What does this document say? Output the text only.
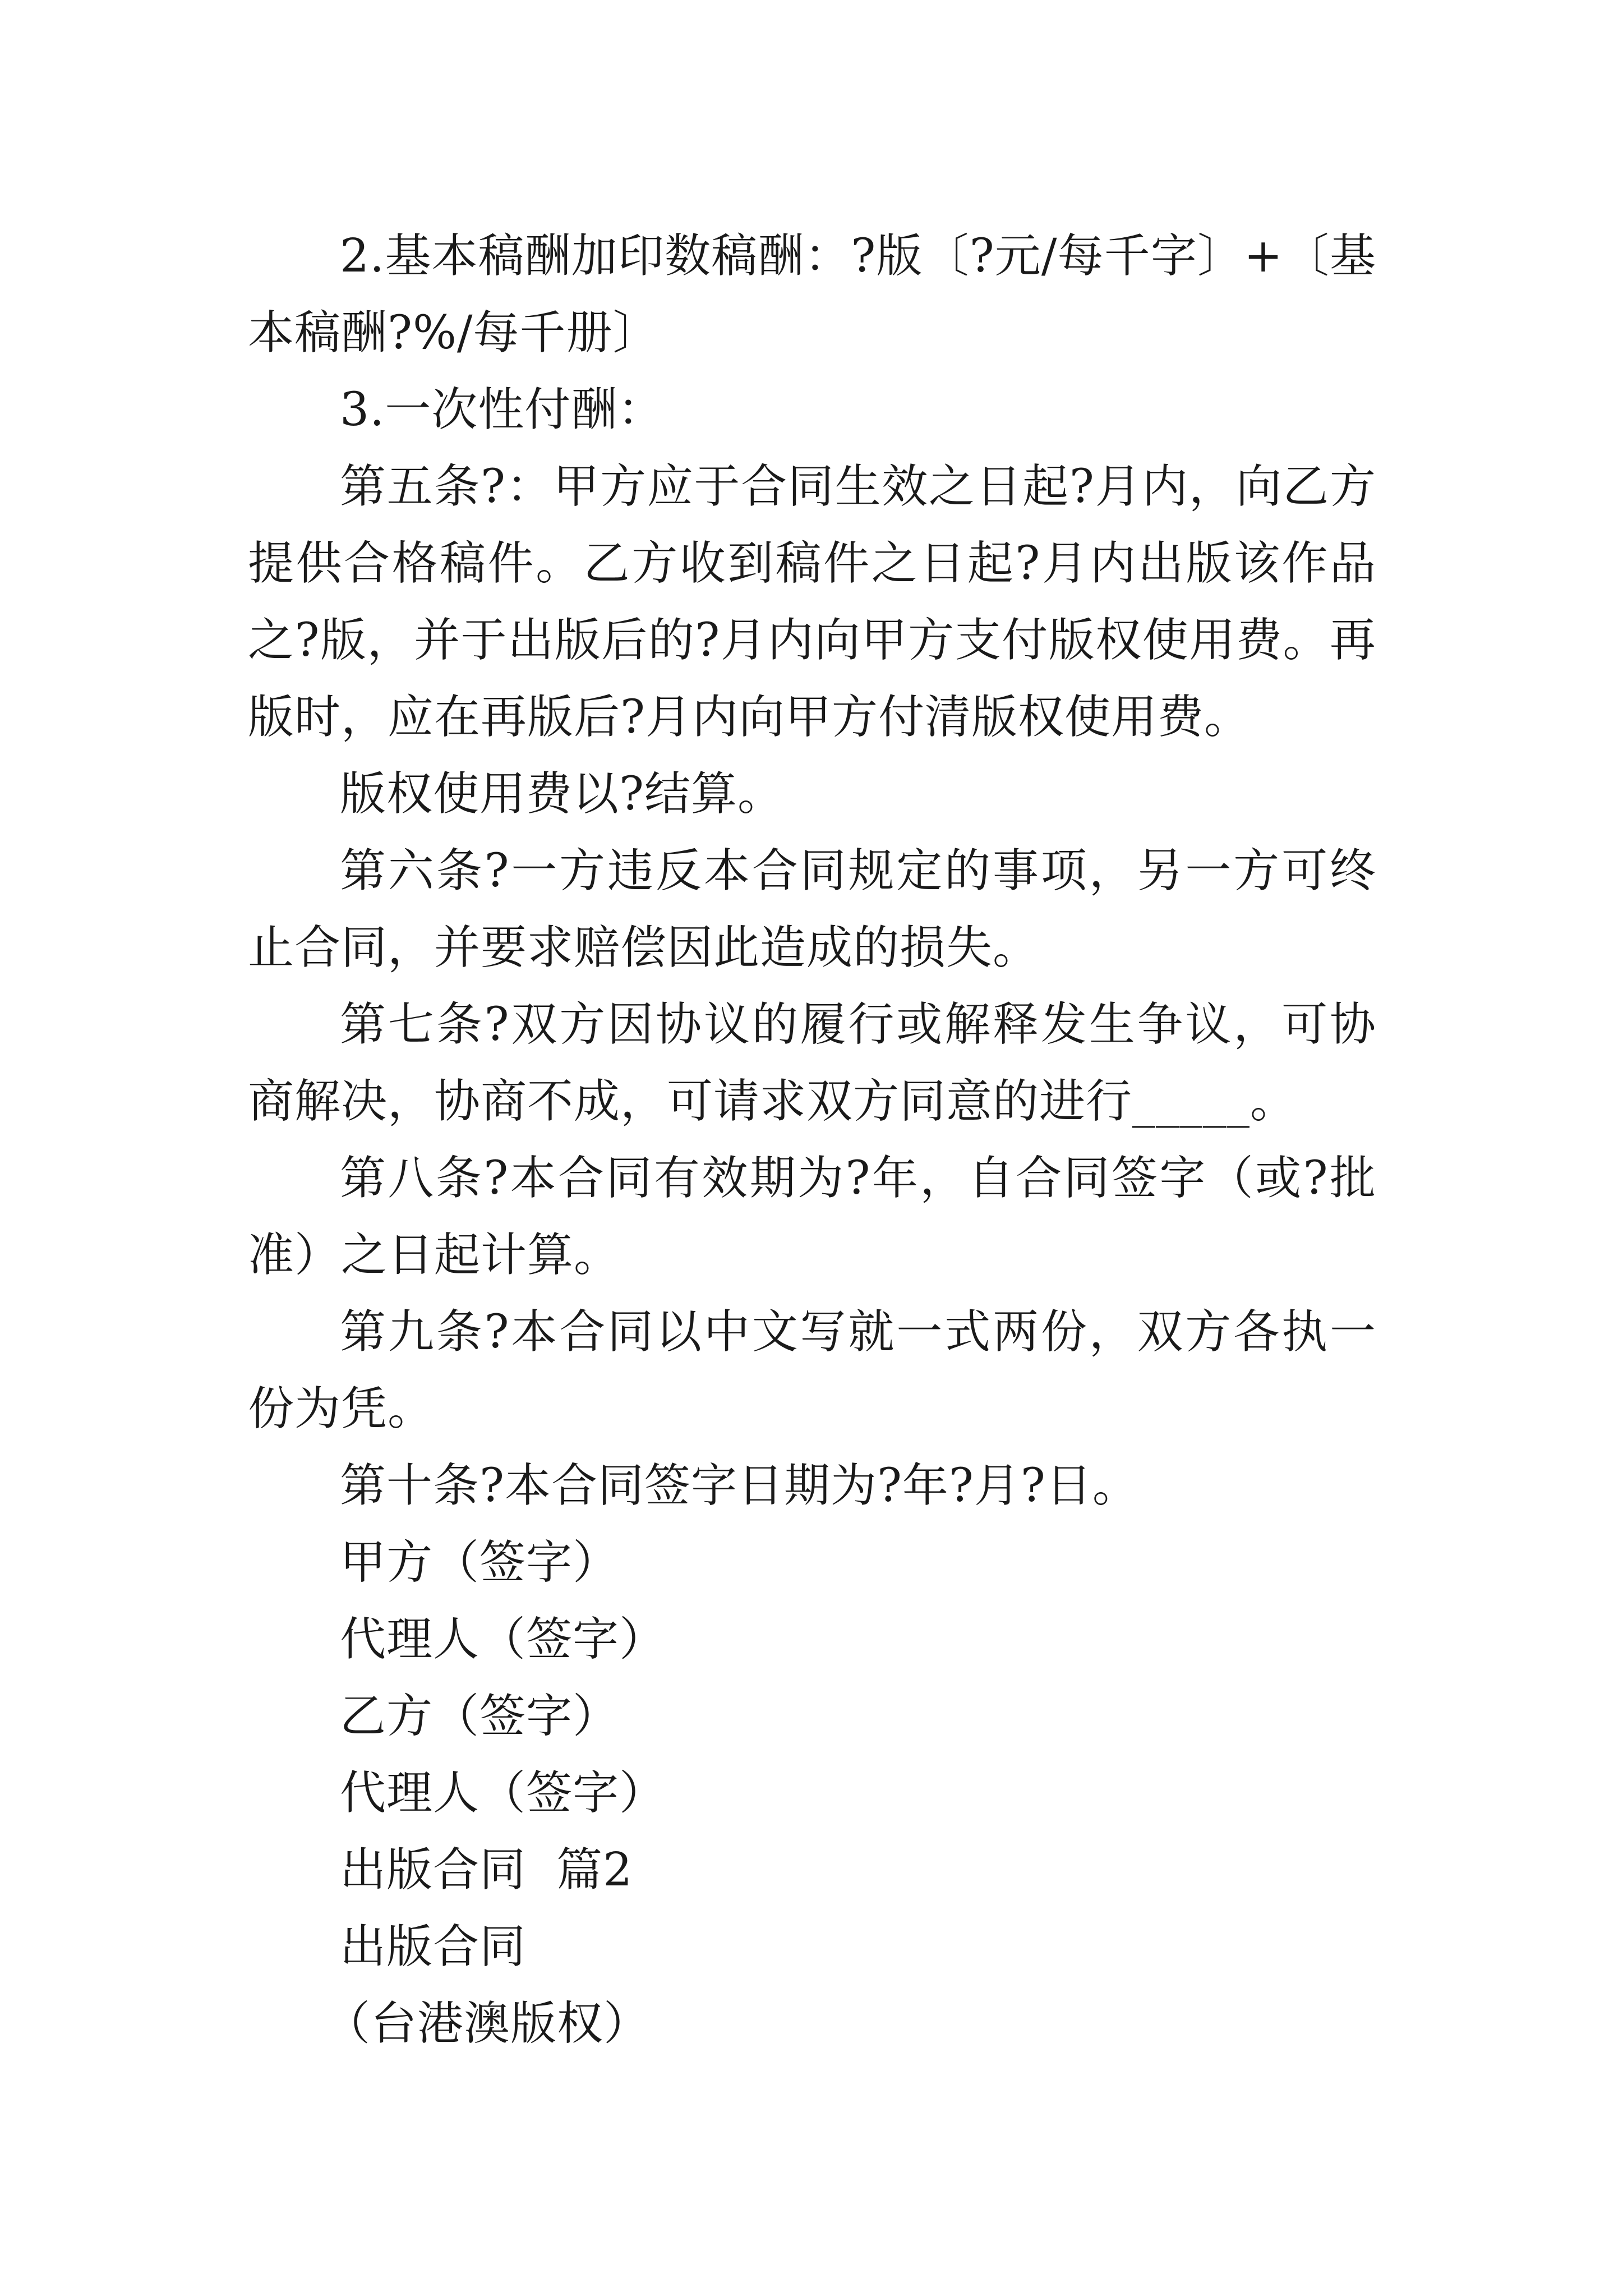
2.基本稿酬加印数稿酬：?版〔?元/每千字〕+〔基本稿酬?%/每千册〕

3.一次性付酬：

第五条?：甲方应于合同生效之日起?月内，向乙方提供合格稿件。乙方收到稿件之日起?月内出版该作品之?版，并于出版后的?月内向甲方支付版权使用费。再版时，应在再版后?月内向甲方付清版权使用费。

版权使用费以?结算。

第六条?一方违反本合同规定的事项，另一方可终止合同，并要求赔偿因此造成的损失。

第七条?双方因协议的履行或解释发生争议，可协商解决，协商不成，可请求双方同意的进行_____。

第八条?本合同有效期为?年，自合同签字（或?批准）之日起计算。

第九条?本合同以中文写就一式两份，双方各执一份为凭。

第十条?本合同签字日期为?年?月?日。

甲方（签字）

代理人（签字）

乙方（签字）

代理人（签字）

出版合同  篇2

出版合同

（台港澳版权）
